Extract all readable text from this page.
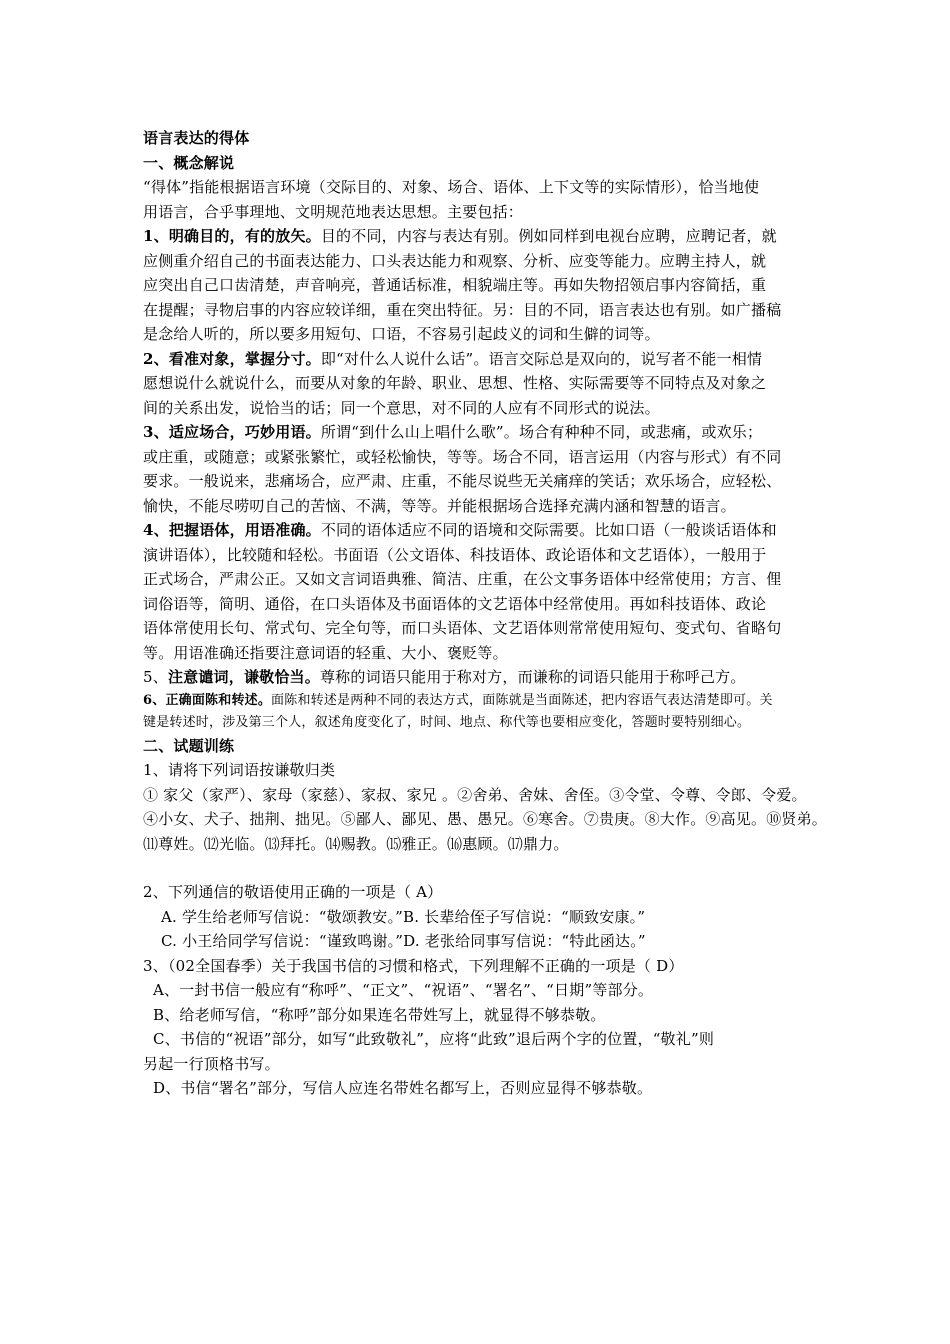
语言表达的得体
一、概念解说
“得体”指能根据语言环境（交际目的、对象、场合、语体、上下文等的实际情形），恰当地使
用语言，合乎事理地、文明规范地表达思想。主要包括：
1、明确目的，有的放矢。目的不同，内容与表达有别。例如同样到电视台应聘，应聘记者，就
应侧重介绍自己的书面表达能力、口头表达能力和观察、分析、应变等能力。应聘主持人，就
应突出自己口齿清楚，声音响亮，普通话标准，相貌端庄等。再如失物招领启事内容简括，重
在提醒；寻物启事的内容应较详细，重在突出特征。另：目的不同，语言表达也有别。如广播稿
是念给人听的，所以要多用短句、口语，不容易引起歧义的词和生僻的词等。
2、看准对象，掌握分寸。即“对什么人说什么话”。语言交际总是双向的，说写者不能一相情
愿想说什么就说什么，而要从对象的年龄、职业、思想、性格、实际需要等不同特点及对象之
间的关系出发，说恰当的话；同一个意思，对不同的人应有不同形式的说法。
3、适应场合，巧妙用语。所谓“到什么山上唱什么歌”。场合有种种不同，或悲痛，或欢乐；
或庄重，或随意；或紧张繁忙，或轻松愉快，等等。场合不同，语言运用（内容与形式）有不同
要求。一般说来，悲痛场合，应严肃、庄重，不能尽说些无关痛痒的笑话；欢乐场合，应轻松、
愉快，不能尽唠叨自己的苦恼、不满，等等。并能根据场合选择充满内涵和智慧的语言。
4、把握语体，用语准确。不同的语体适应不同的语境和交际需要。比如口语（一般谈话语体和
演讲语体），比较随和轻松。书面语（公文语体、科技语体、政论语体和文艺语体），一般用于
正式场合，严肃公正。又如文言词语典雅、简洁、庄重，在公文事务语体中经常使用；方言、俚
词俗语等，简明、通俗，在口头语体及书面语体的文艺语体中经常使用。再如科技语体、政论
语体常使用长句、常式句、完全句等，而口头语体、文艺语体则常常使用短句、变式句、省略句
等。用语准确还指要注意词语的轻重、大小、褒贬等。
5、注意谴词，谦敬恰当。尊称的词语只能用于称对方，而谦称的词语只能用于称呼己方。
6、正确面陈和转述。面陈和转述是两种不同的表达方式，面陈就是当面陈述，把内容语气表达清楚即可。关
键是转述时，涉及第三个人，叙述角度变化了，时间、地点、称代等也要相应变化，答题时要特别细心。
二、试题训练
1、请将下列词语按谦敬归类
① 家父（家严）、家母（家慈）、家叔、家兄 。②舍弟、舍妹、舍侄。③令堂、令尊、令郎、令爱。
④小女、犬子、拙荆、拙见。⑤鄙人、鄙见、愚、愚兄。⑥寒舍。⑦贵庚。⑧大作。⑨高见。⑩贤弟。
⑾尊姓。⑿光临。⒀拜托。⒁赐教。⒂雅正。⒃惠顾。⒄鼎力。
2、下列通信的敬语使用正确的一项是（ A）
A. 学生给老师写信说：“敬颂教安。”B. 长辈给侄子写信说：“顺致安康。”
C. 小王给同学写信说：“谨致鸣谢。”D. 老张给同事写信说：“特此函达。”
3、（02全国春季）关于我国书信的习惯和格式，下列理解不正确的一项是（ D）
A、一封书信一般应有“称呼”、“正文”、“祝语”、“署名”、“日期”等部分。
B、给老师写信，“称呼”部分如果连名带姓写上，就显得不够恭敬。
C、书信的“祝语”部分，如写“此致敬礼”，应将“此致”退后两个字的位置，“敬礼”则
另起一行顶格书写。
D、书信“署名”部分，写信人应连名带姓名都写上，否则应显得不够恭敬。
